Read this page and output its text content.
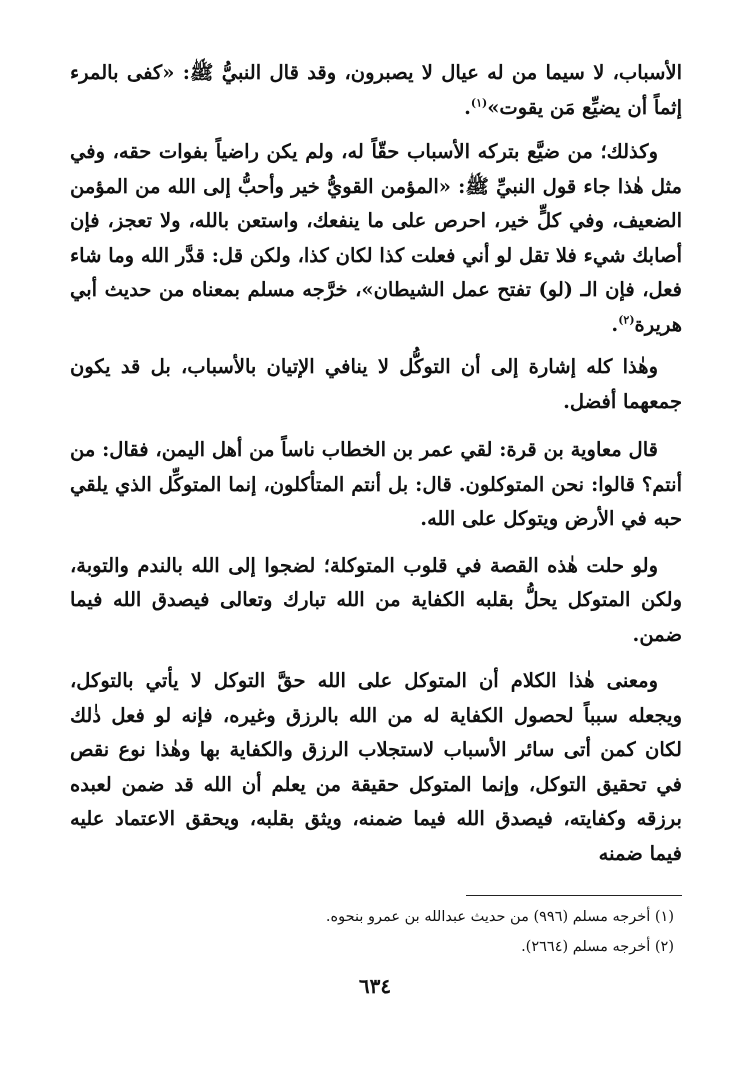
الأسباب، لا سيما من له عيال لا يصبرون، وقد قال النبيُّ ﷺ: «كفى بالمرء إثماً أن يضيِّع مَن يقوت»$^{(١)}$.

وكذلك؛ من ضيَّع بتركه الأسباب حقّاً له، ولم يكن راضياً بفوات حقه، وفي مثل هٰذا جاء قول النبيِّ ﷺ: «المؤمن القويُّ خير وأحبُّ إلى الله من المؤمن الضعيف، وفي كلٍّ خير، احرص على ما ينفعك، واستعن بالله، ولا تعجز، فإن أصابك شيء فلا تقل لو أني فعلت كذا لكان كذا، ولكن قل: قدَّر الله وما شاء فعل، فإن الـ (لو) تفتح عمل الشيطان»، خرَّجه مسلم بمعناه من حديث أبي هريرة$^{(٢)}$.

وهٰذا كله إشارة إلى أن التوكُّل لا ينافي الإتيان بالأسباب، بل قد يكون جمعهما أفضل.

قال معاوية بن قرة: لقي عمر بن الخطاب ناساً من أهل اليمن، فقال: من أنتم؟ قالوا: نحن المتوكلون. قال: بل أنتم المتأكلون، إنما المتوكِّل الذي يلقي حبه في الأرض ويتوكل على الله.

ولو حلت هٰذه القصة في قلوب المتوكلة؛ لضجوا إلى الله بالندم والتوبة، ولكن المتوكل يحلُّ بقلبه الكفاية من الله تبارك وتعالى فيصدق الله فيما ضمن.

ومعنى هٰذا الكلام أن المتوكل على الله حقَّ التوكل لا يأتي بالتوكل، ويجعله سبباً لحصول الكفاية له من الله بالرزق وغيره، فإنه لو فعل ذٰلك لكان كمن أتى سائر الأسباب لاستجلاب الرزق والكفاية بها وهٰذا نوع نقص في تحقيق التوكل، وإنما المتوكل حقيقة من يعلم أن الله قد ضمن لعبده برزقه وكفايته، فيصدق الله فيما ضمنه، ويثق بقلبه، ويحقق الاعتماد عليه فيما ضمنه

(١) أخرجه مسلم (٩٩٦) من حديث عبدالله بن عمرو بنحوه.
(٢) أخرجه مسلم (٢٦٦٤).
٦٣٤
